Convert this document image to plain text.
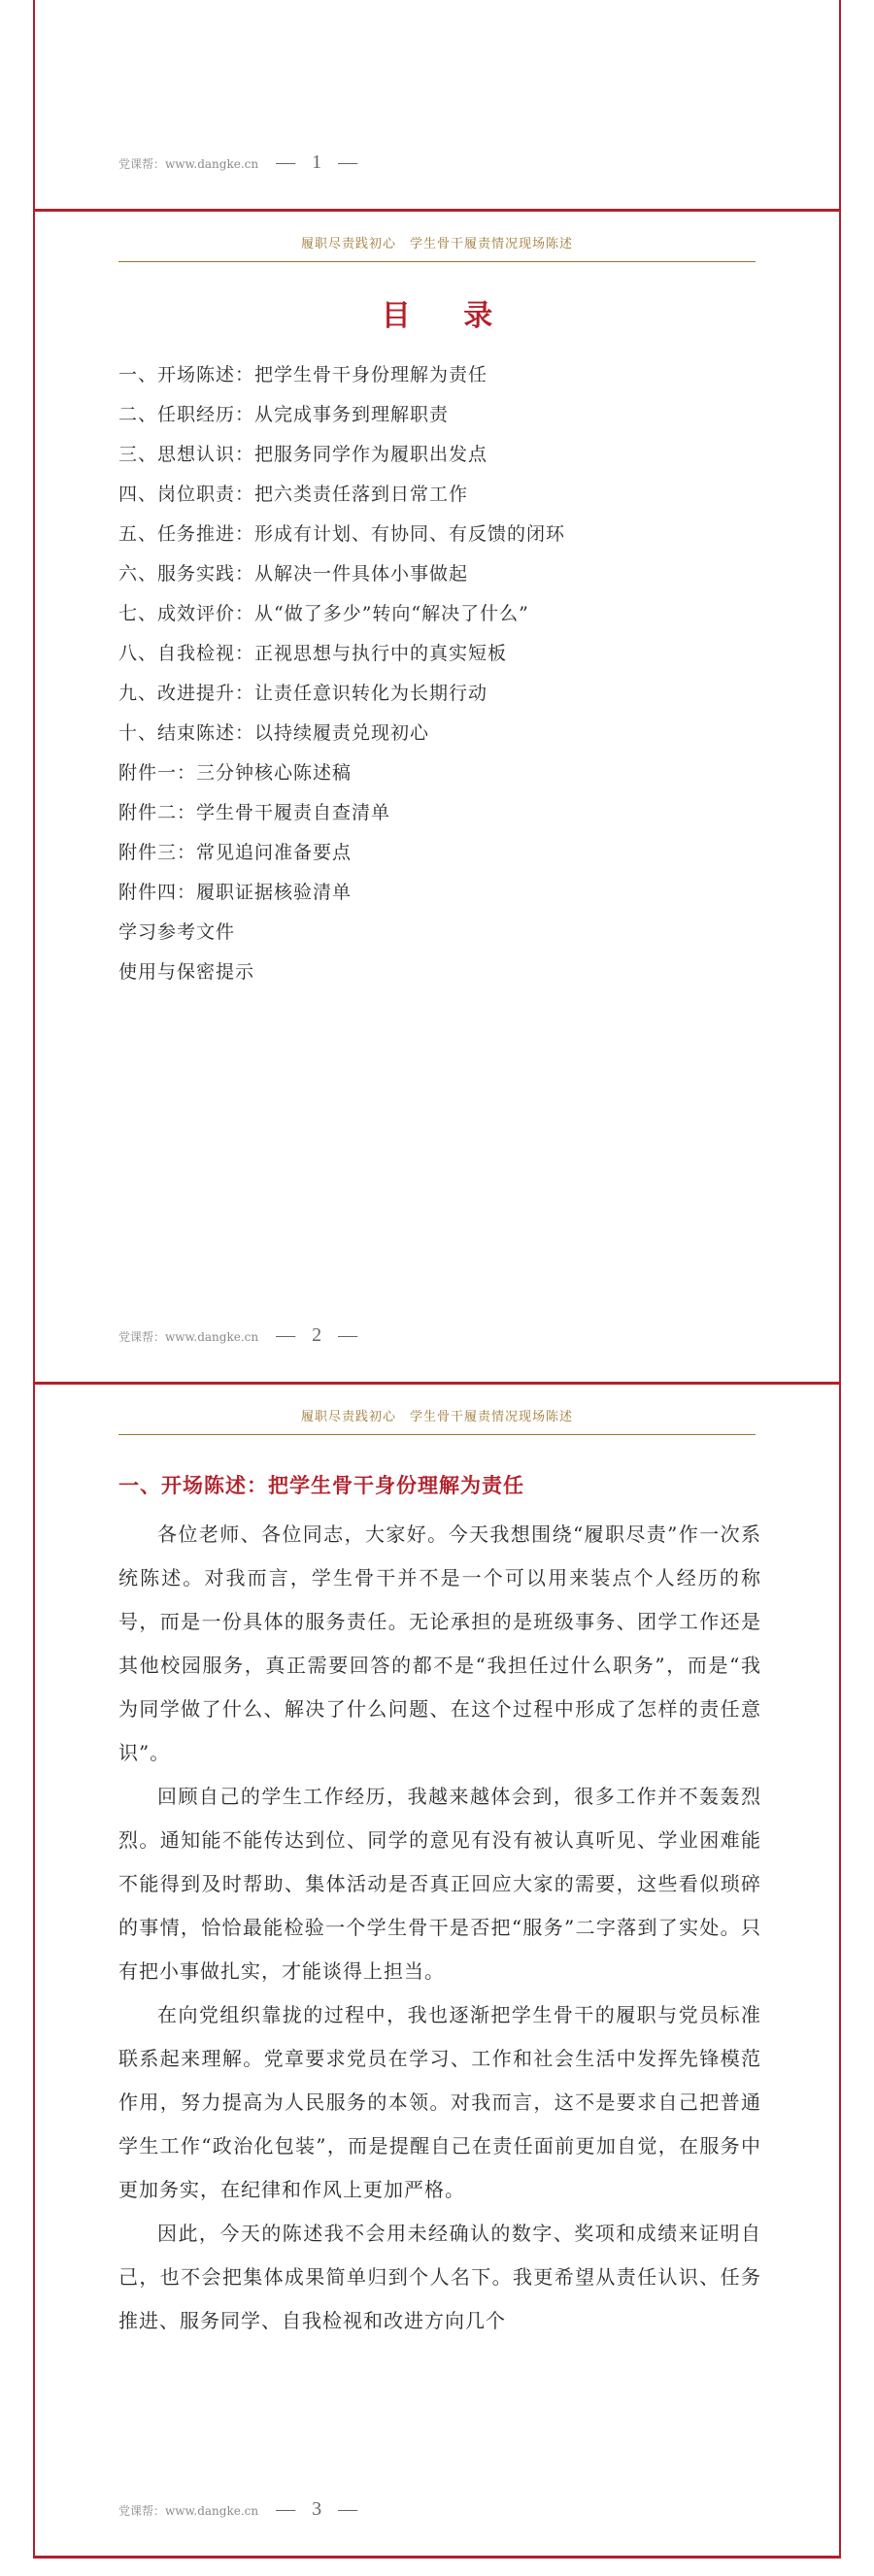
党课帮：www.dangke.cn — 1 —
履职尽责践初心　学生骨干履责情况现场陈述
目 录
一、开场陈述：把学生骨干身份理解为责任
二、任职经历：从完成事务到理解职责
三、思想认识：把服务同学作为履职出发点
四、岗位职责：把六类责任落到日常工作
五、任务推进：形成有计划、有协同、有反馈的闭环
六、服务实践：从解决一件具体小事做起
七、成效评价：从“做了多少”转向“解决了什么”
八、自我检视：正视思想与执行中的真实短板
九、改进提升：让责任意识转化为长期行动
十、结束陈述：以持续履责兑现初心
附件一：三分钟核心陈述稿
附件二：学生骨干履责自查清单
附件三：常见追问准备要点
附件四：履职证据核验清单
学习参考文件
使用与保密提示
党课帮：www.dangke.cn — 2 —
履职尽责践初心　学生骨干履责情况现场陈述
一、开场陈述：把学生骨干身份理解为责任

各位老师、各位同志，大家好。今天我想围绕“履职尽责”作一次系统陈述。对我而言，学生骨干并不是一个可以用来装点个人经历的称号，而是一份具体的服务责任。无论承担的是班级事务、团学工作还是其他校园服务，真正需要回答的都不是“我担任过什么职务”，而是“我为同学做了什么、解决了什么问题、在这个过程中形成了怎样的责任意识”。

回顾自己的学生工作经历，我越来越体会到，很多工作并不轰轰烈烈。通知能不能传达到位、同学的意见有没有被认真听见、学业困难能不能得到及时帮助、集体活动是否真正回应大家的需要，这些看似琐碎的事情，恰恰最能检验一个学生骨干是否把“服务”二字落到了实处。只有把小事做扎实，才能谈得上担当。

在向党组织靠拢的过程中，我也逐渐把学生骨干的履职与党员标准联系起来理解。党章要求党员在学习、工作和社会生活中发挥先锋模范作用，努力提高为人民服务的本领。对我而言，这不是要求自己把普通学生工作“政治化包装”，而是提醒自己在责任面前更加自觉，在服务中更加务实，在纪律和作风上更加严格。

因此，今天的陈述我不会用未经确认的数字、奖项和成绩来证明自己，也不会把集体成果简单归到个人名下。我更希望从责任认识、任务推进、服务同学、自我检视和改进方向几个

党课帮：www.dangke.cn — 3 —
